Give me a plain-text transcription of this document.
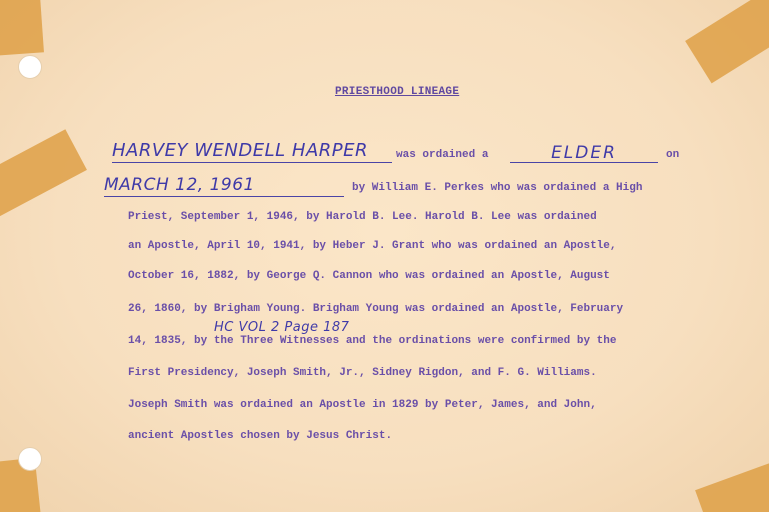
PRIESTHOOD LINEAGE
HARVEY WENDELL HARPER	was ordained a	ELDER	on
MARCH 12, 1961	by William E. Perkes who was ordained a High
Priest, September 1, 1946, by Harold B. Lee. Harold B. Lee was ordained
an Apostle, April 10, 1941, by Heber J. Grant who was ordained an Apostle,
October 16, 1882, by George Q. Cannon who was ordained an Apostle, August
26, 1860, by Brigham Young. Brigham Young was ordained an Apostle, February
HC VOL 2 Page 187
14, 1835, by the Three Witnesses and the ordinations were confirmed by the
First Presidency, Joseph Smith, Jr., Sidney Rigdon, and F. G. Williams.
Joseph Smith was ordained an Apostle in 1829 by Peter, James, and John,
ancient Apostles chosen by Jesus Christ.
